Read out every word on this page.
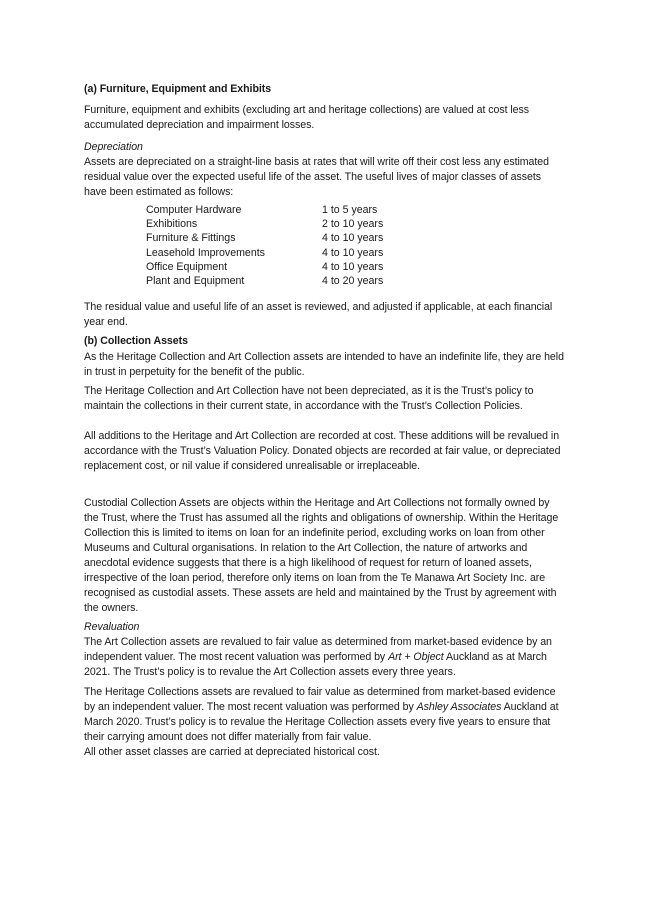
(a) Furniture, Equipment and Exhibits
Furniture, equipment and exhibits (excluding art and heritage collections) are valued at cost less accumulated depreciation and impairment losses.
Depreciation
Assets are depreciated on a straight-line basis at rates that will write off their cost less any estimated residual value over the expected useful life of the asset. The useful lives of major classes of assets have been estimated as follows:
Computer Hardware	1 to 5 years
Exhibitions	2 to 10 years
Furniture & Fittings	4 to 10 years
Leasehold Improvements	4 to 10 years
Office Equipment	4 to 10 years
Plant and Equipment	4 to 20 years
The residual value and useful life of an asset is reviewed, and adjusted if applicable, at each financial year end.
(b) Collection Assets
As the Heritage Collection and Art Collection assets are intended to have an indefinite life, they are held in trust in perpetuity for the benefit of the public.
The Heritage Collection and Art Collection have not been depreciated, as it is the Trust’s policy to maintain the collections in their current state, in accordance with the Trust’s Collection Policies.
All additions to the Heritage and Art Collection are recorded at cost. These additions will be revalued in accordance with the Trust’s Valuation Policy. Donated objects are recorded at fair value, or depreciated replacement cost, or nil value if considered unrealisable or irreplaceable.
Custodial Collection Assets are objects within the Heritage and Art Collections not formally owned by the Trust, where the Trust has assumed all the rights and obligations of ownership. Within the Heritage Collection this is limited to items on loan for an indefinite period, excluding works on loan from other Museums and Cultural organisations. In relation to the Art Collection, the nature of artworks and anecdotal evidence suggests that there is a high likelihood of request for return of loaned assets, irrespective of the loan period, therefore only items on loan from the Te Manawa Art Society Inc. are recognised as custodial assets. These assets are held and maintained by the Trust by agreement with the owners.
Revaluation
The Art Collection assets are revalued to fair value as determined from market-based evidence by an independent valuer. The most recent valuation was performed by Art + Object Auckland as at March 2021. The Trust’s policy is to revalue the Art Collection assets every three years.
The Heritage Collections assets are revalued to fair value as determined from market-based evidence by an independent valuer. The most recent valuation was performed by Ashley Associates Auckland at March 2020. Trust’s policy is to revalue the Heritage Collection assets every five years to ensure that their carrying amount does not differ materially from fair value.
All other asset classes are carried at depreciated historical cost.
